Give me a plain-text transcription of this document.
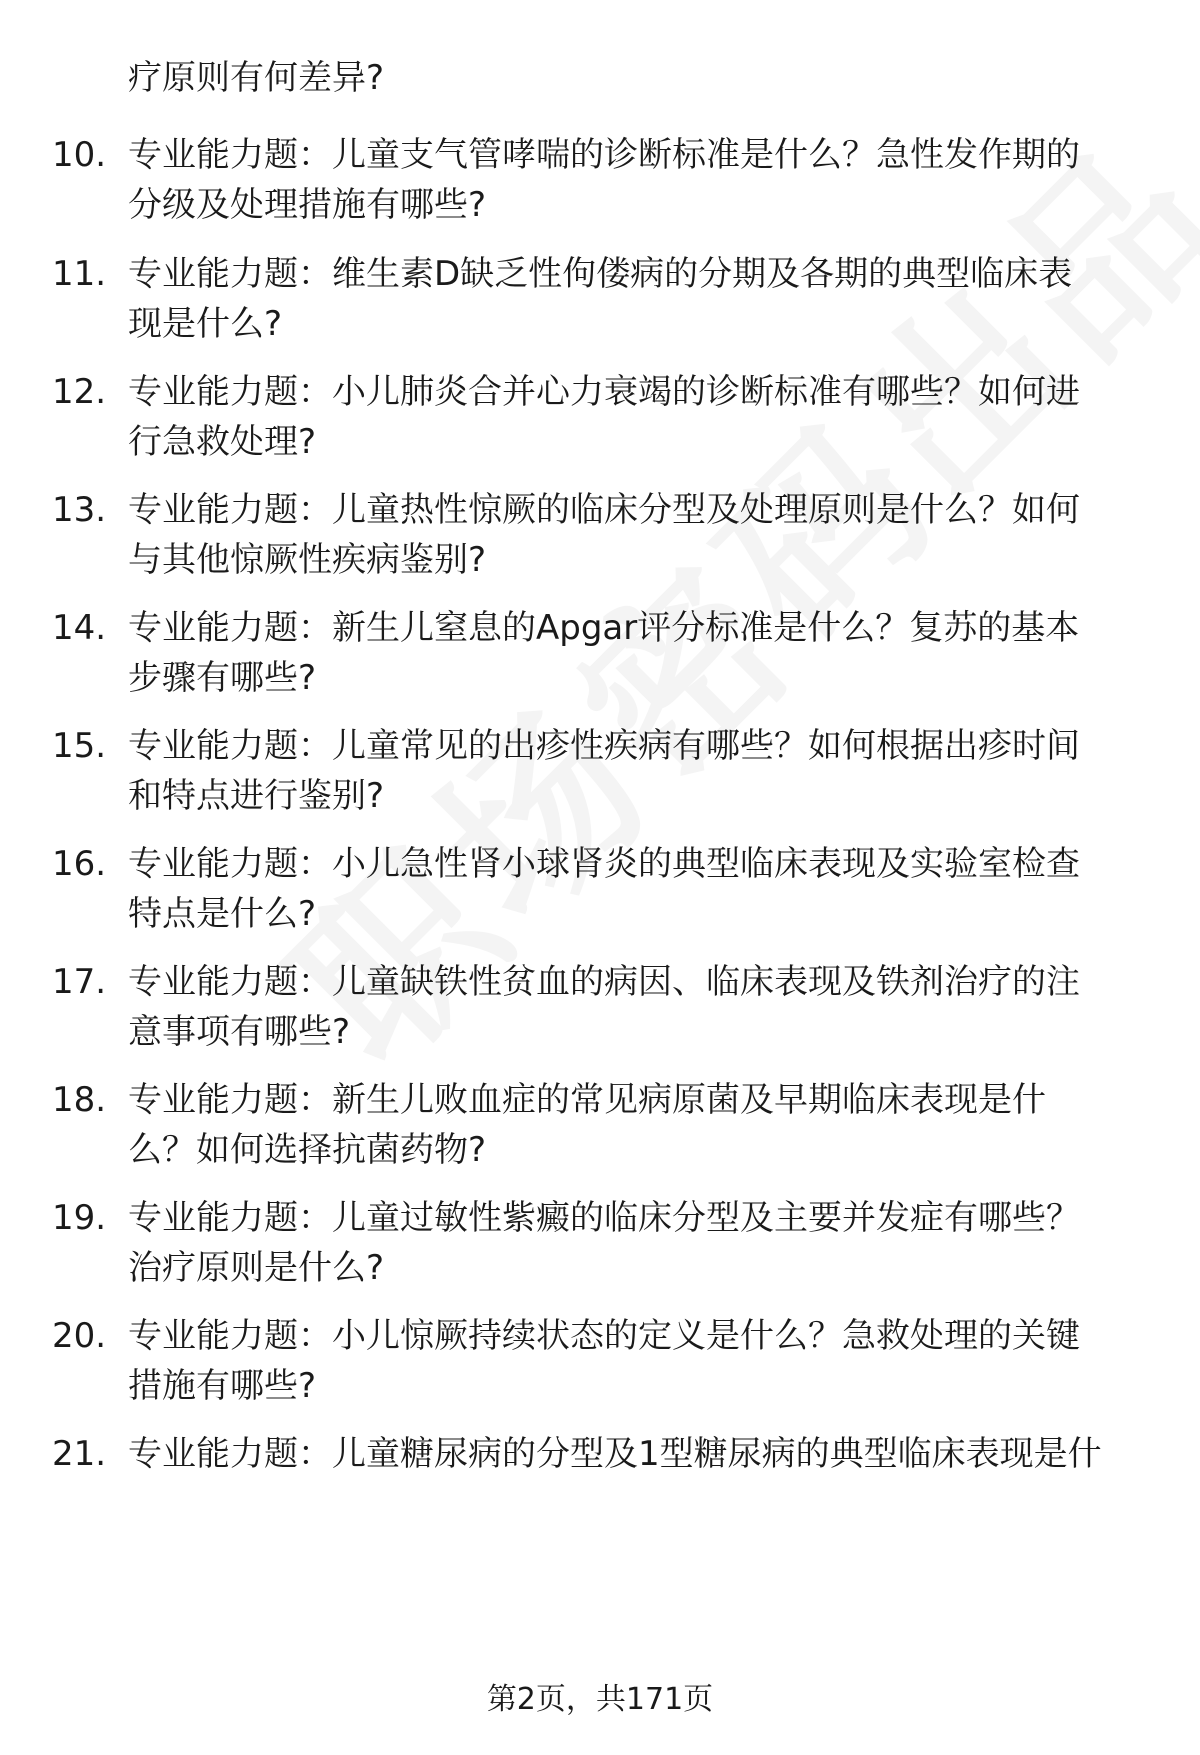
疗原则有何差异?
10. 专业能力题：儿童支气管哮喘的诊断标准是什么？急性发作期的
分级及处理措施有哪些?
11. 专业能力题：维生素D缺乏性佝偻病的分期及各期的典型临床表
现是什么?
12. 专业能力题：小儿肺炎合并心力衰竭的诊断标准有哪些？如何进
行急救处理?
13. 专业能力题：儿童热性惊厥的临床分型及处理原则是什么？如何
与其他惊厥性疾病鉴别?
14. 专业能力题：新生儿窒息的Apgar评分标准是什么？复苏的基本
步骤有哪些?
15. 专业能力题：儿童常见的出疹性疾病有哪些？如何根据出疹时间
和特点进行鉴别?
16. 专业能力题：小儿急性肾小球肾炎的典型临床表现及实验室检查
特点是什么?
17. 专业能力题：儿童缺铁性贫血的病因、临床表现及铁剂治疗的注
意事项有哪些?
18. 专业能力题：新生儿败血症的常见病原菌及早期临床表现是什
么？如何选择抗菌药物?
19. 专业能力题：儿童过敏性紫癜的临床分型及主要并发症有哪些？
治疗原则是什么?
20. 专业能力题：小儿惊厥持续状态的定义是什么？急救处理的关键
措施有哪些?
21. 专业能力题：儿童糖尿病的分型及1型糖尿病的典型临床表现是什
第2页，共171页
